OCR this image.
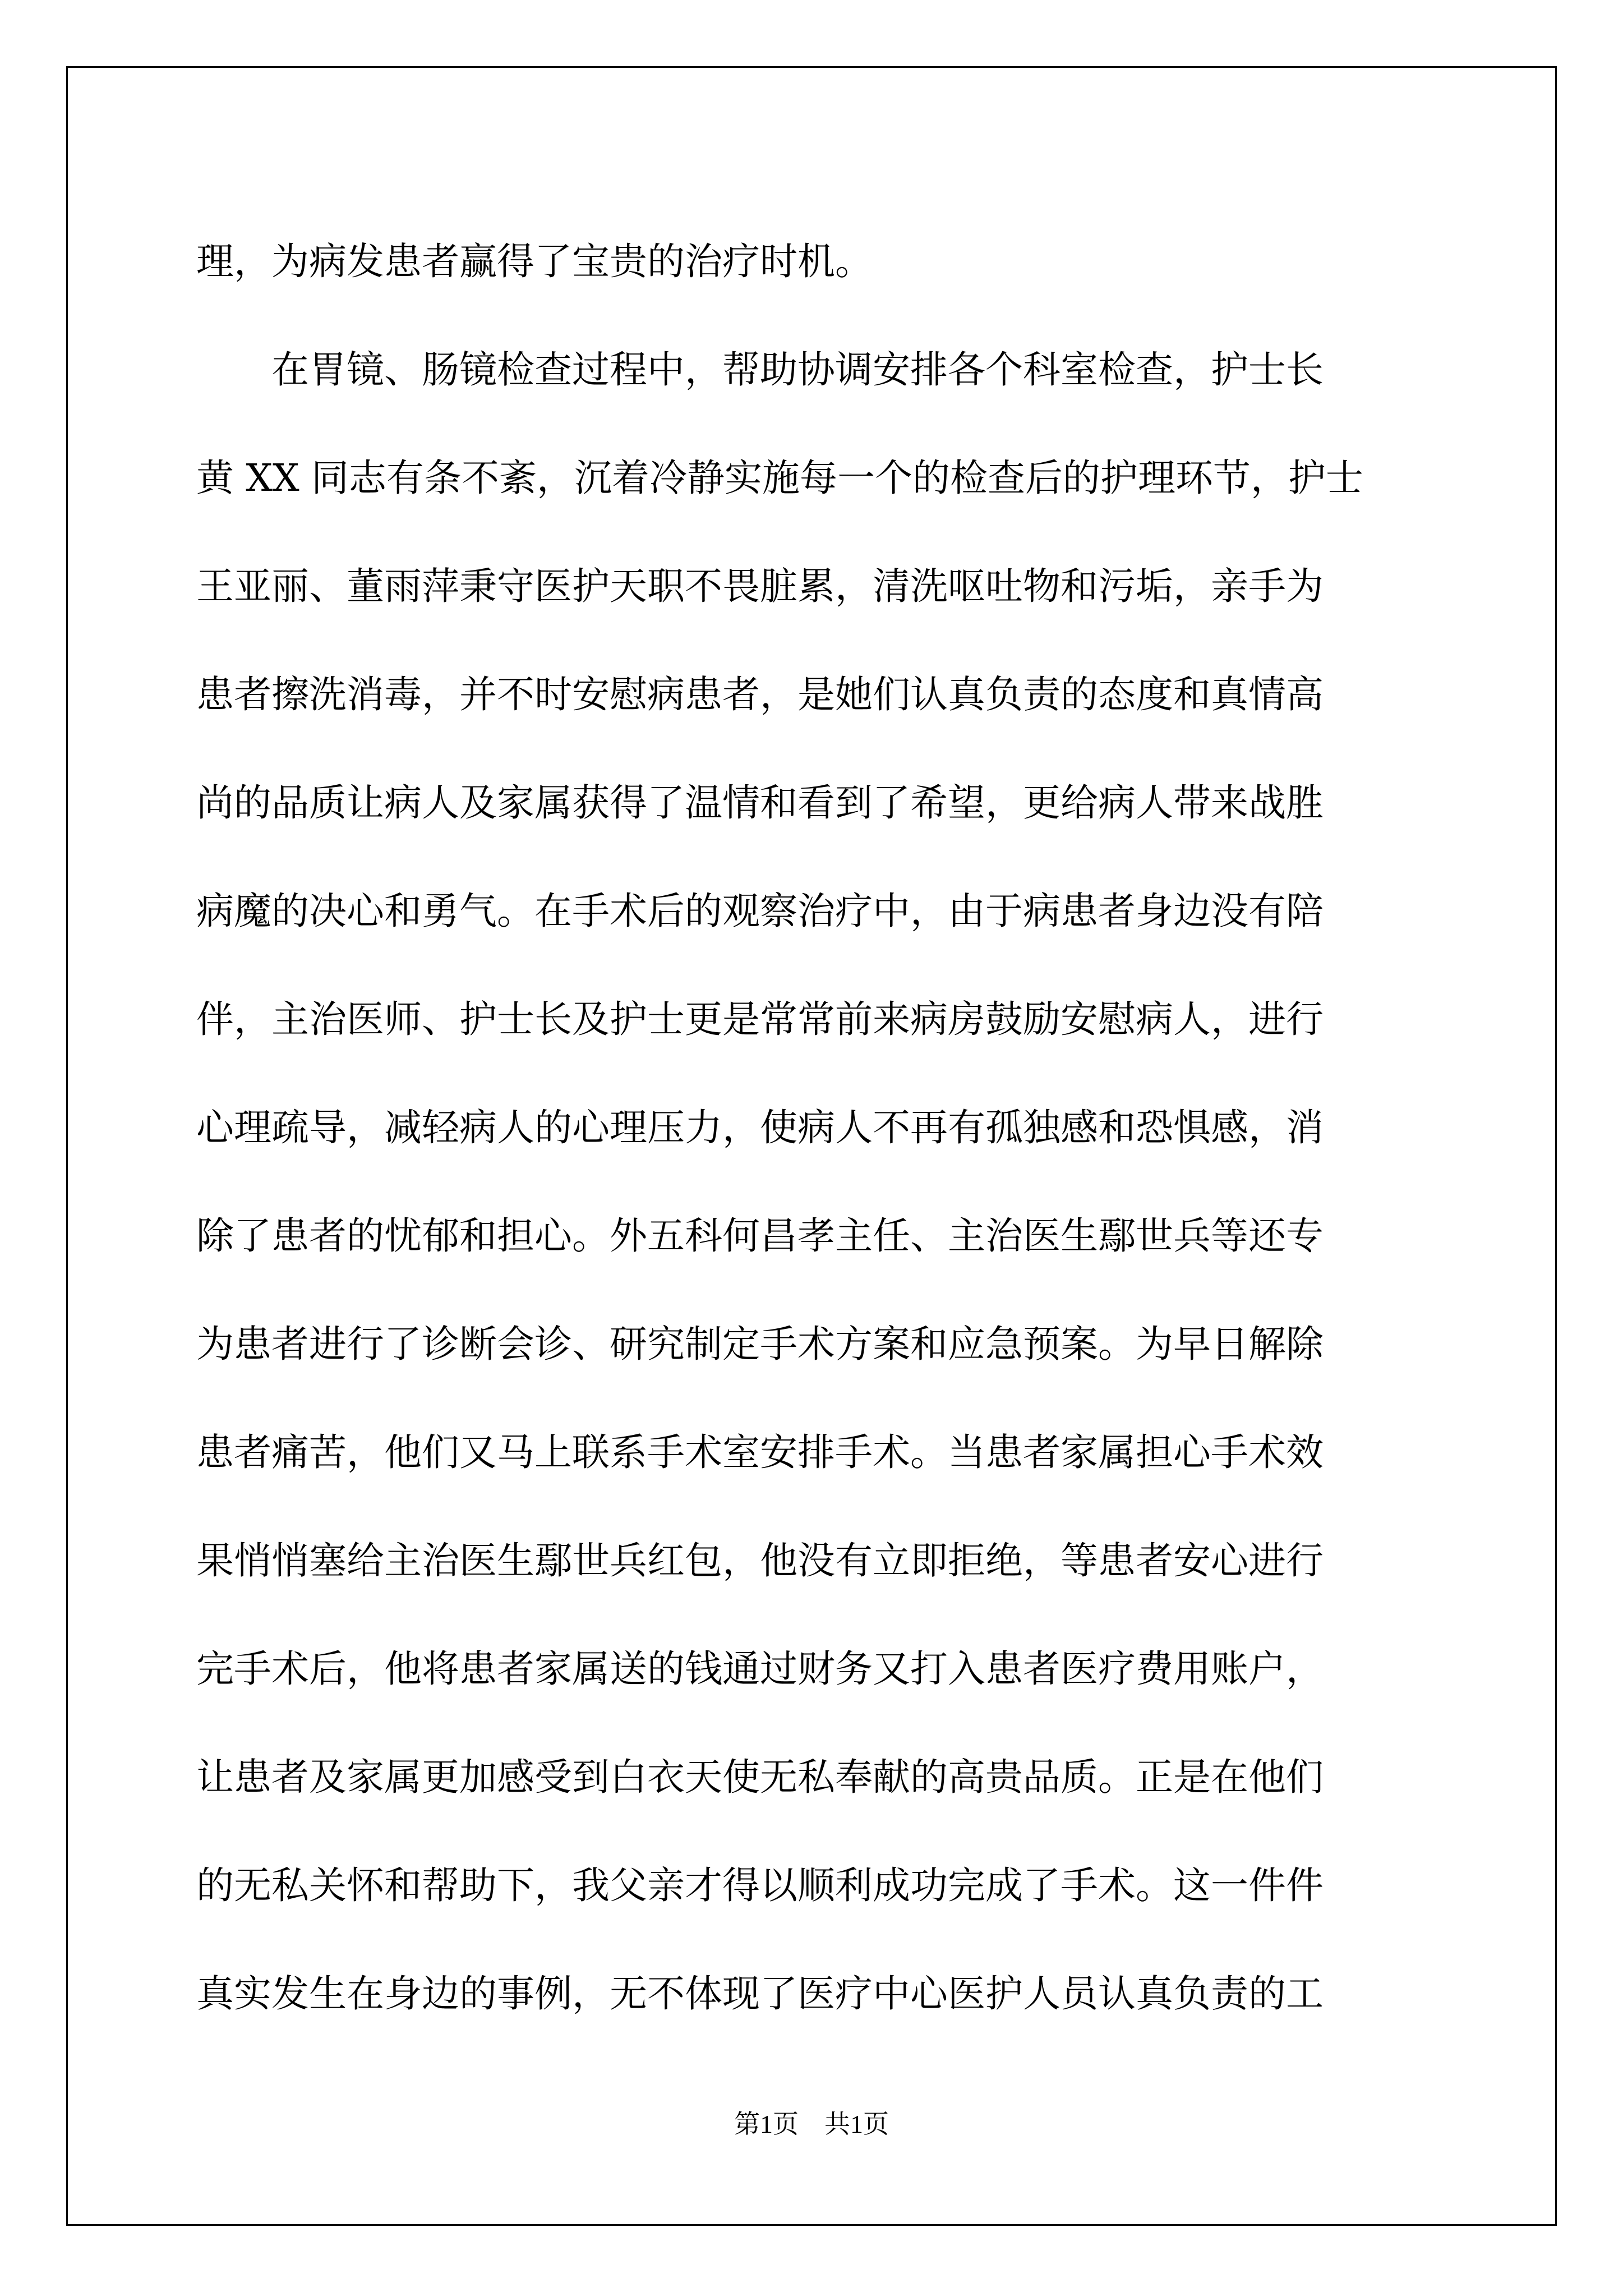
理，为病发患者赢得了宝贵的治疗时机。
　　在胃镜、肠镜检查过程中，帮助协调安排各个科室检查，护士长
黄 XX 同志有条不紊，沉着冷静实施每一个的检查后的护理环节，护士
王亚丽、董雨萍秉守医护天职不畏脏累，清洗呕吐物和污垢，亲手为
患者擦洗消毒，并不时安慰病患者，是她们认真负责的态度和真情高
尚的品质让病人及家属获得了温情和看到了希望，更给病人带来战胜
病魔的决心和勇气。在手术后的观察治疗中，由于病患者身边没有陪
伴，主治医师、护士长及护士更是常常前来病房鼓励安慰病人，进行
心理疏导，减轻病人的心理压力，使病人不再有孤独感和恐惧感，消
除了患者的忧郁和担心。外五科何昌孝主任、主治医生鄢世兵等还专
为患者进行了诊断会诊、研究制定手术方案和应急预案。为早日解除
患者痛苦，他们又马上联系手术室安排手术。当患者家属担心手术效
果悄悄塞给主治医生鄢世兵红包，他没有立即拒绝，等患者安心进行
完手术后，他将患者家属送的钱通过财务又打入患者医疗费用账户，
让患者及家属更加感受到白衣天使无私奉献的高贵品质。正是在他们
的无私关怀和帮助下，我父亲才得以顺利成功完成了手术。这一件件
真实发生在身边的事例，无不体现了医疗中心医护人员认真负责的工
第1页　共1页
